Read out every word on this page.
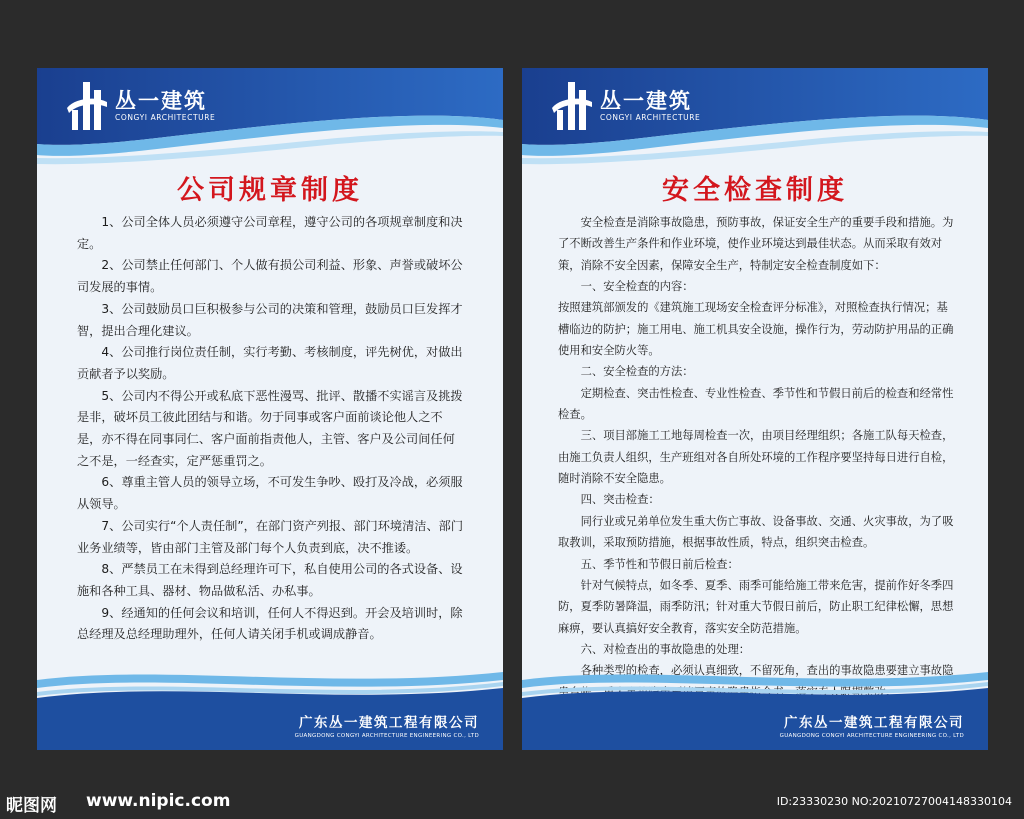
丛一建筑
CONGYI ARCHITECTURE
公司规章制度

1、公司全体人员必须遵守公司章程，遵守公司的各项规章制度和决定。

2、公司禁止任何部门、个人做有损公司利益、形象、声誉或破坏公司发展的事情。

3、公司鼓励员口巨积极参与公司的决策和管理，鼓励员口巨发挥才智，提出合理化建议。

4、公司推行岗位责任制，实行考勤、考核制度，评先树优，对做出贡献者予以奖励。

5、公司内不得公开或私底下恶性漫骂、批评、散播不实谣言及挑拨是非，破坏员工彼此团结与和谐。勿于同事或客户面前谈论他人之不是，亦不得在同事同仁、客户面前指责他人，主管、客户及公司间任何之不是，一经查实，定严惩重罚之。

6、尊重主管人员的领导立场，不可发生争吵、殴打及冷战，必须服从领导。

7、公司实行“个人责任制”，在部门资产列报、部门环境清洁、部门业务业绩等，皆由部门主管及部门每个人负责到底，决不推诿。

8、严禁员工在未得到总经理许可下，私自使用公司的各式设备、设施和各种工具、器材、物品做私活、办私事。

9、经通知的任何会议和培训，任何人不得迟到。开会及培训时，除总经理及总经理助理外，任何人请关闭手机或调成静音。

广东丛一建筑工程有限公司
GUANGDONG CONGYI ARCHITECTURE ENGINEERING CO., LTD
丛一建筑
CONGYI ARCHITECTURE
安全检查制度

安全检查是消除事故隐患，预防事故，保证安全生产的重要手段和措施。为了不断改善生产条件和作业环境，使作业环境达到最佳状态。从而采取有效对策，消除不安全因素，保障安全生产，特制定安全检查制度如下：

一、安全检查的内容：

按照建筑部颁发的《建筑施工现场安全检查评分标准》，对照检查执行情况；基槽临边的防护；施工用电、施工机具安全设施，操作行为，劳动防护用品的正确使用和安全防火等。

二、安全检查的方法：

定期检查、突击性检查、专业性检查、季节性和节假日前后的检查和经常性检查。

三、项目部施工工地每周检查一次，由项目经理组织；各施工队每天检查，由施工负责人组织，生产班组对各自所处环境的工作程序要坚持每日进行自检，随时消除不安全隐患。

四、突击检查：

同行业或兄弟单位发生重大伤亡事故、设备事故、交通、火灾事故，为了吸取教训，采取预防措施，根据事故性质，特点，组织突击检查。

五、季节性和节假日前后检查：

针对气候特点，如冬季、夏季、雨季可能给施工带来危害，提前作好冬季四防，夏季防暑降温，雨季防汛；针对重大节假日前后，防止职工纪律松懈，思想麻痹，要认真搞好安全教育，落实安全防范措施。

六、对检查出的事故隐患的处理：

各种类型的检查，必须认真细致，不留死角，查出的事故隐患要建立事故隐患台帐，重大 事故

广东丛一建筑工程有限公司
GUANGDONG CONGYI ARCHITECTURE ENGINEERING CO., LTD
昵图网 www.nipic.com	ID:23330230 NO:20210727004148330104
